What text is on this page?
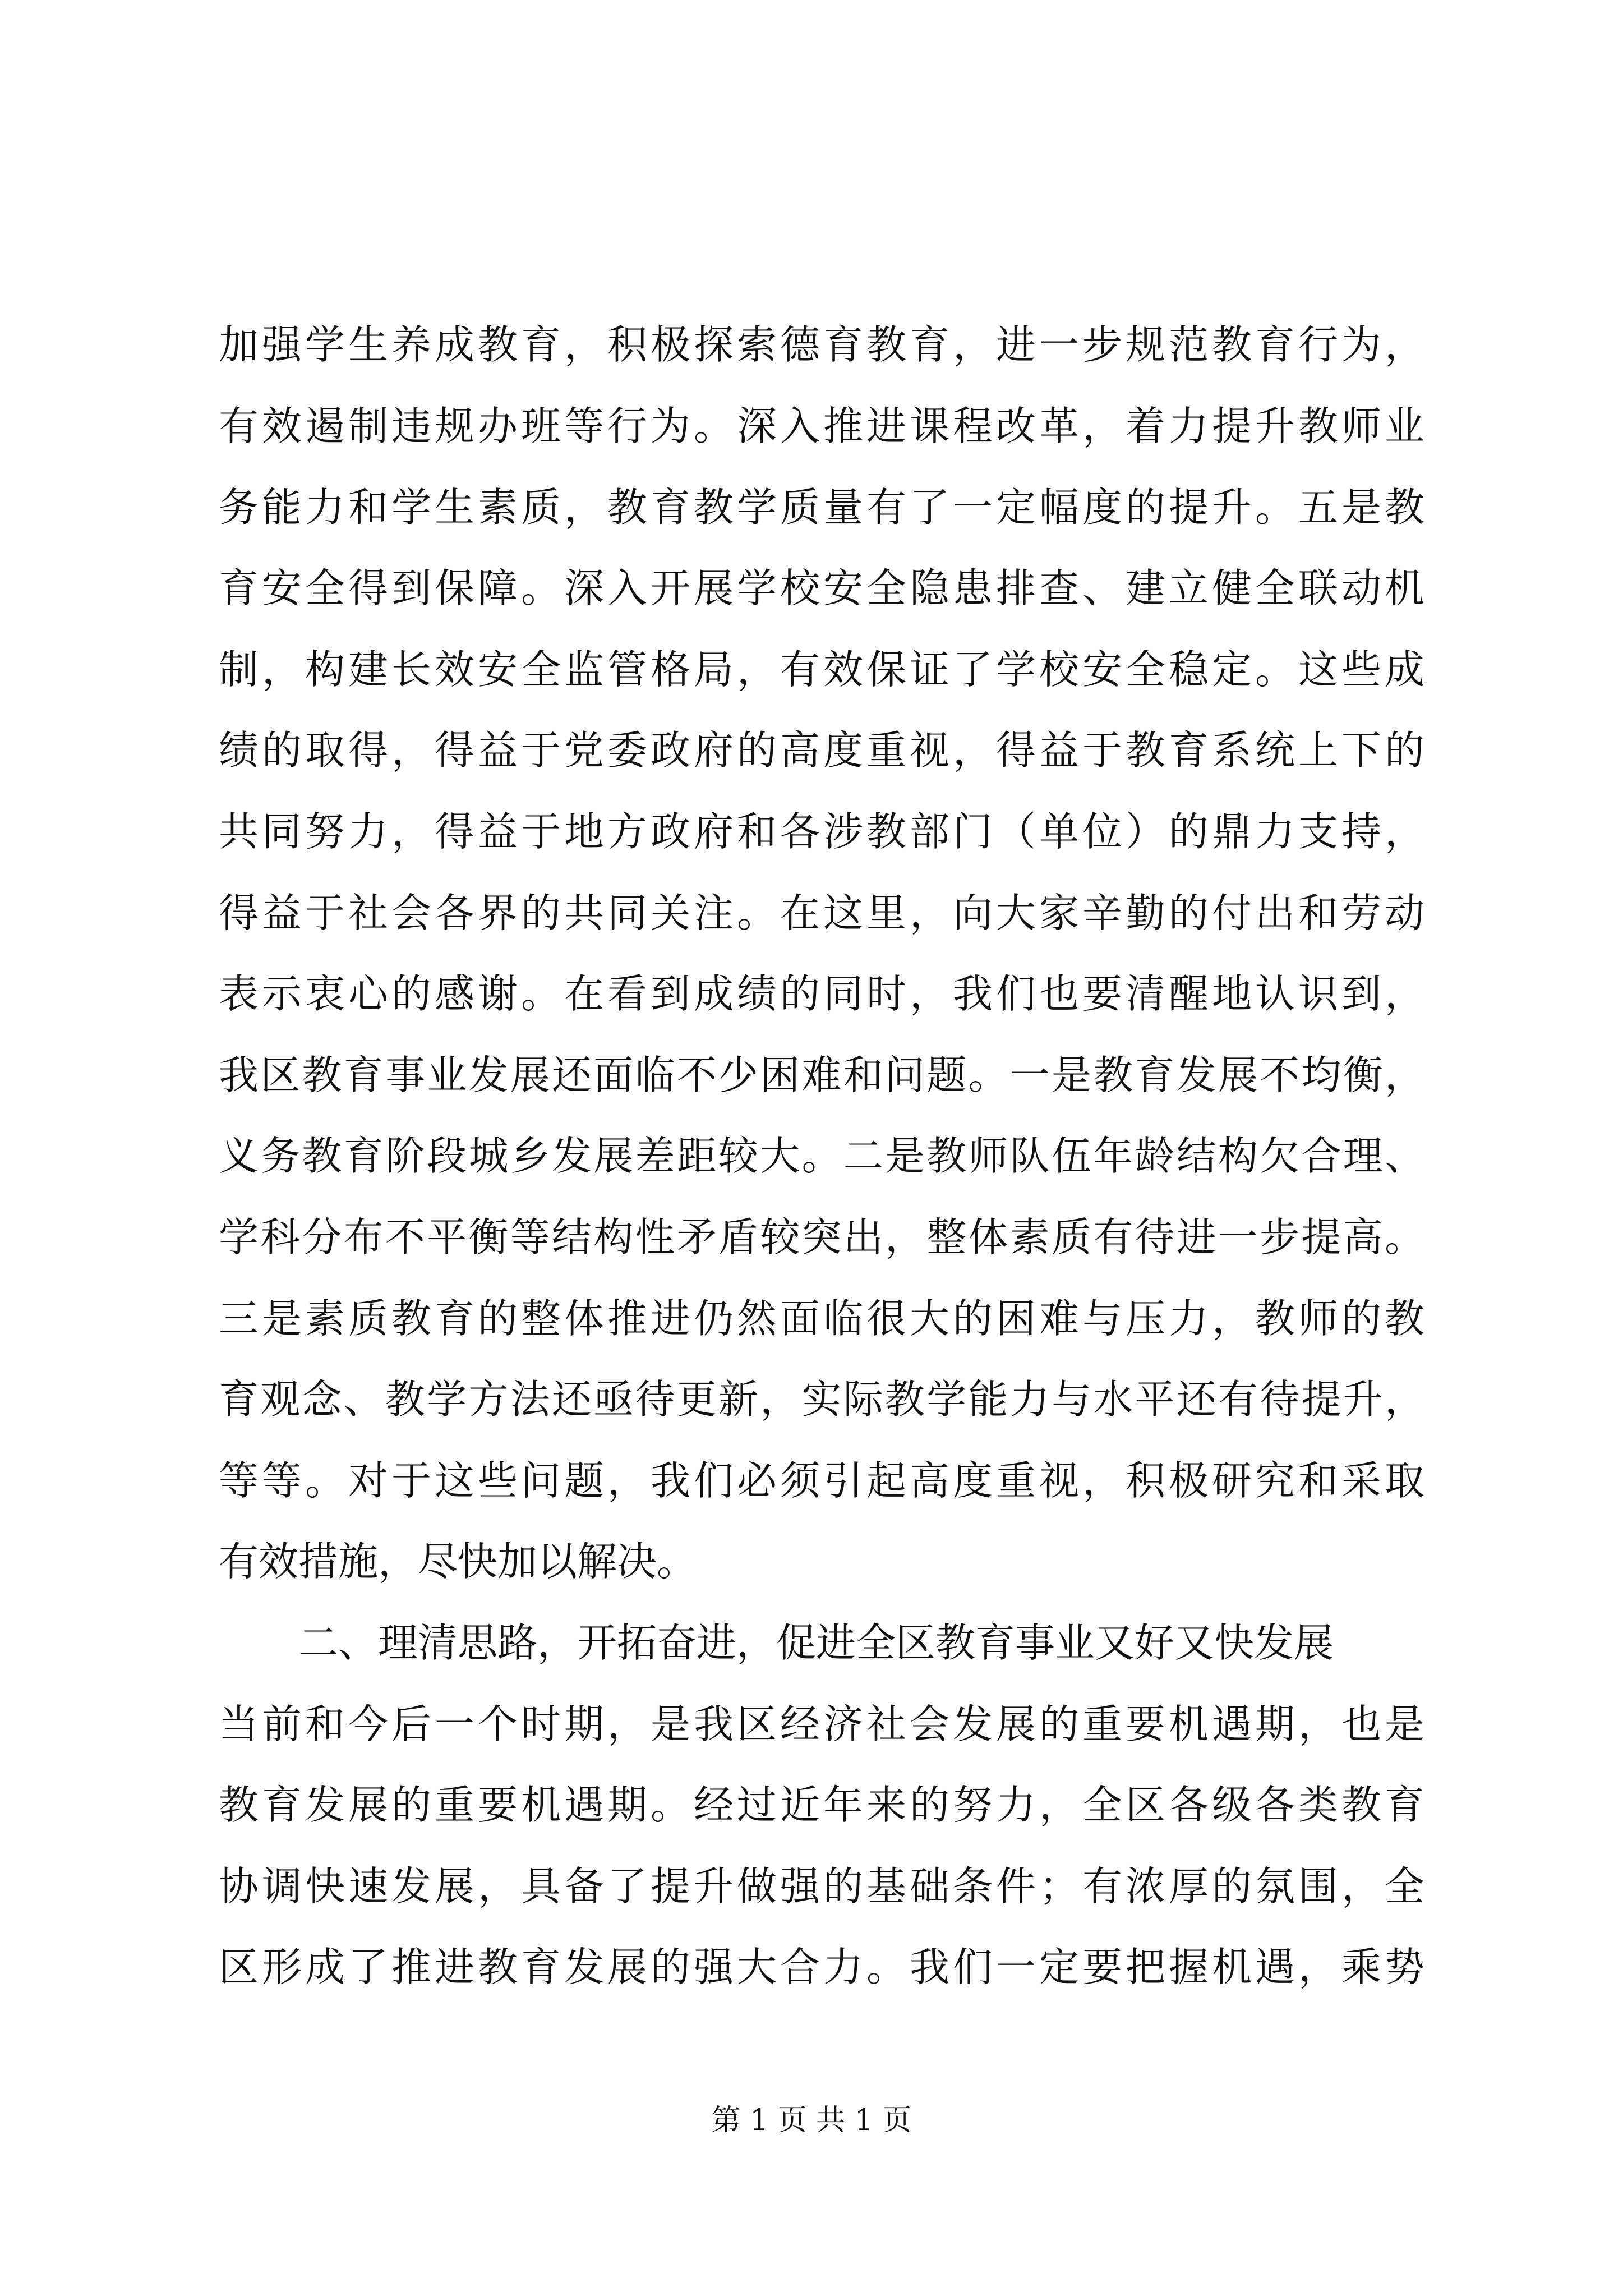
加强学生养成教育，积极探索德育教育，进一步规范教育行为，
有效遏制违规办班等行为。深入推进课程改革，着力提升教师业
务能力和学生素质，教育教学质量有了一定幅度的提升。五是教
育安全得到保障。深入开展学校安全隐患排查、建立健全联动机
制，构建长效安全监管格局，有效保证了学校安全稳定。这些成
绩的取得，得益于党委政府的高度重视，得益于教育系统上下的
共同努力，得益于地方政府和各涉教部门（单位）的鼎力支持，
得益于社会各界的共同关注。在这里，向大家辛勤的付出和劳动
表示衷心的感谢。在看到成绩的同时，我们也要清醒地认识到，
我区教育事业发展还面临不少困难和问题。一是教育发展不均衡，
义务教育阶段城乡发展差距较大。二是教师队伍年龄结构欠合理、
学科分布不平衡等结构性矛盾较突出，整体素质有待进一步提高。
三是素质教育的整体推进仍然面临很大的困难与压力，教师的教
育观念、教学方法还亟待更新，实际教学能力与水平还有待提升，
等等。对于这些问题，我们必须引起高度重视，积极研究和采取
有效措施，尽快加以解决。
二、理清思路，开拓奋进，促进全区教育事业又好又快发展
当前和今后一个时期，是我区经济社会发展的重要机遇期，也是
教育发展的重要机遇期。经过近年来的努力，全区各级各类教育
协调快速发展，具备了提升做强的基础条件；有浓厚的氛围，全
区形成了推进教育发展的强大合力。我们一定要把握机遇，乘势
第 1 页 共 1 页
